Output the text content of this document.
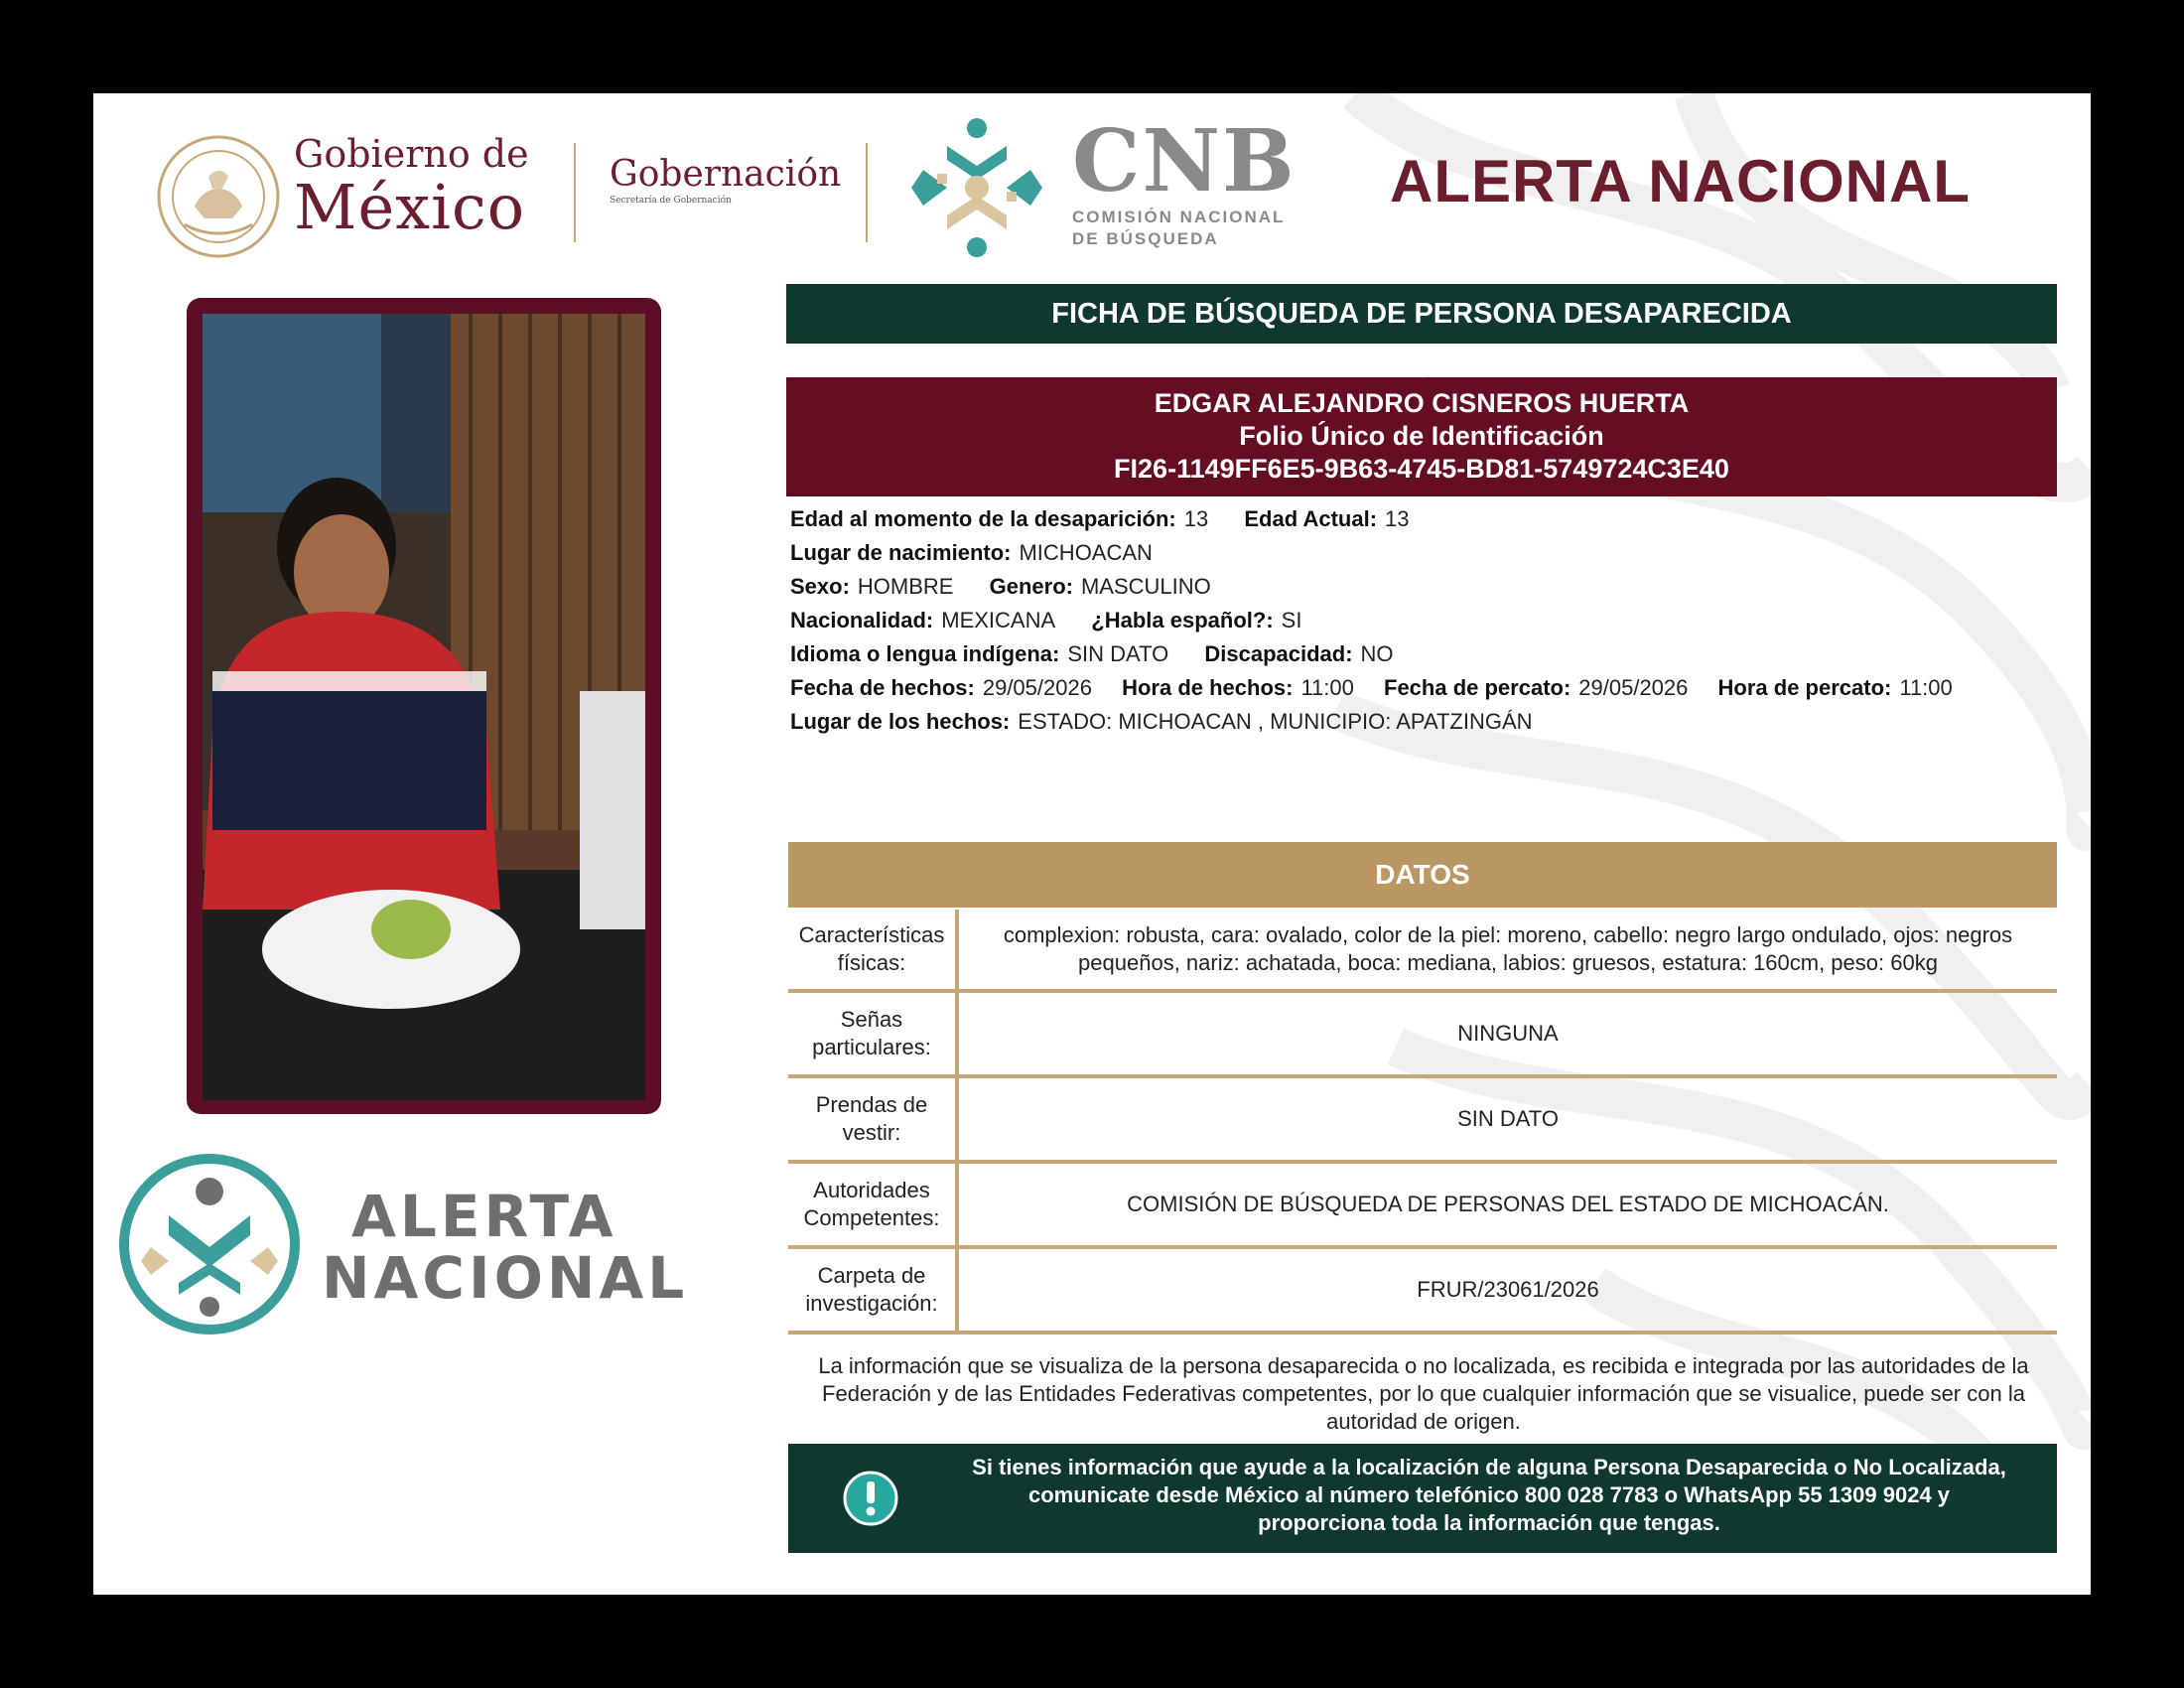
Gobierno de
México Gobernación
Secretaría de Gobernación	CNB
COMISIÓN NACIONAL
DE BÚSQUEDA
ALERTA NACIONAL
ALERTA
NACIONAL
FICHA DE BÚSQUEDA DE PERSONA DESAPARECIDA
EDGAR ALEJANDRO CISNEROS HUERTA
Folio Único de Identificación
FI26-1149FF6E5-9B63-4745-BD81-5749724C3E40
Edad al momento de la desaparición: 13 Edad Actual: 13
Lugar de nacimiento: MICHOACAN
Sexo: HOMBRE Genero: MASCULINO
Nacionalidad: MEXICANA ¿Habla español?: SI
Idioma o lengua indígena: SIN DATO Discapacidad: NO
Fecha de hechos: 29/05/2026 Hora de hechos: 11:00 Fecha de percato: 29/05/2026 Hora de percato: 11:00
Lugar de los hechos: ESTADO: MICHOACAN , MUNICIPIO: APATZINGÁN
DATOS
Características
físicas:
complexion: robusta, cara: ovalado, color de la piel: moreno, cabello: negro largo ondulado, ojos: negros pequeños, nariz: achatada, boca: mediana, labios: gruesos, estatura: 160cm, peso: 60kg
Señas
particulares:
NINGUNA
Prendas de
vestir:
SIN DATO
Autoridades
Competentes:
COMISIÓN DE BÚSQUEDA DE PERSONAS DEL ESTADO DE MICHOACÁN.
Carpeta de
investigación:
FRUR/23061/2026
La información que se visualiza de la persona desaparecida o no localizada, es recibida e integrada por las autoridades de la Federación y de las Entidades Federativas competentes, por lo que cualquier información que se visualice, puede ser con la autoridad de origen.
Si tienes información que ayude a la localización de alguna Persona Desaparecida o No Localizada,
comunicate desde México al número telefónico 800 028 7783 o WhatsApp 55 1309 9024 y
proporciona toda la información que tengas.
